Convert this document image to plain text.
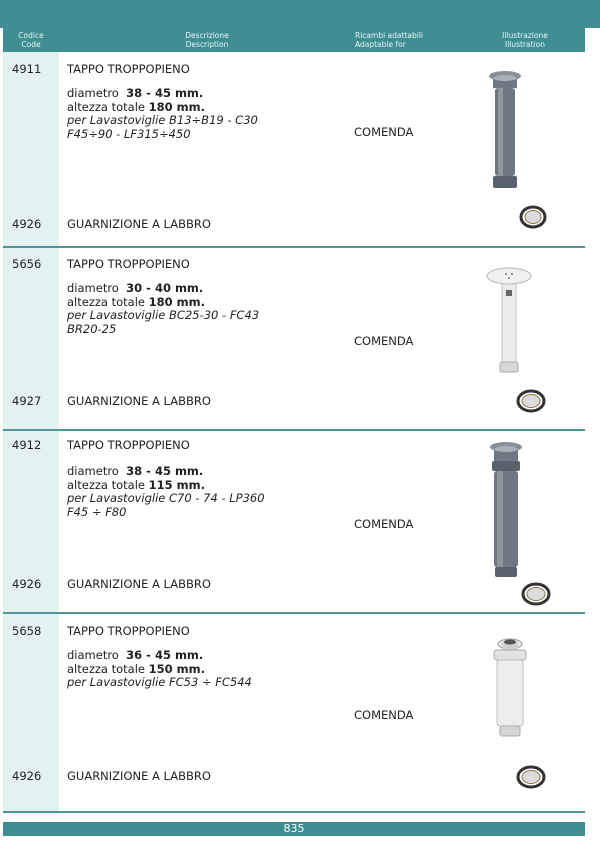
Codice
Code
Descrizione
Description
Ricambi adattabili
Adaptable for
Illustrazione
Illustration
4911 TAPPO TROPPOPIENO
diametro 38 - 45 mm.
altezza totale 180 mm.
per Lavastoviglie B13÷B19 - C30
F45÷90 - LF315÷450	COMENDA
4926 GUARNIZIONE A LABBRO
5656 TAPPO TROPPOPIENO
diametro 30 - 40 mm.
altezza totale 180 mm.
per Lavastoviglie BC25-30 - FC43
BR20-25
COMENDA
4927 GUARNIZIONE A LABBRO
4912 TAPPO TROPPOPIENO
diametro 38 - 45 mm.
altezza totale 115 mm.
per Lavastoviglie C70 - 74 - LP360
F45 ÷ F80
COMENDA
4926 GUARNIZIONE A LABBRO
5658 TAPPO TROPPOPIENO
diametro 36 - 45 mm.
altezza totale 150 mm.
per Lavastoviglie FC53 ÷ FC544
COMENDA
4926 GUARNIZIONE A LABBRO
835
